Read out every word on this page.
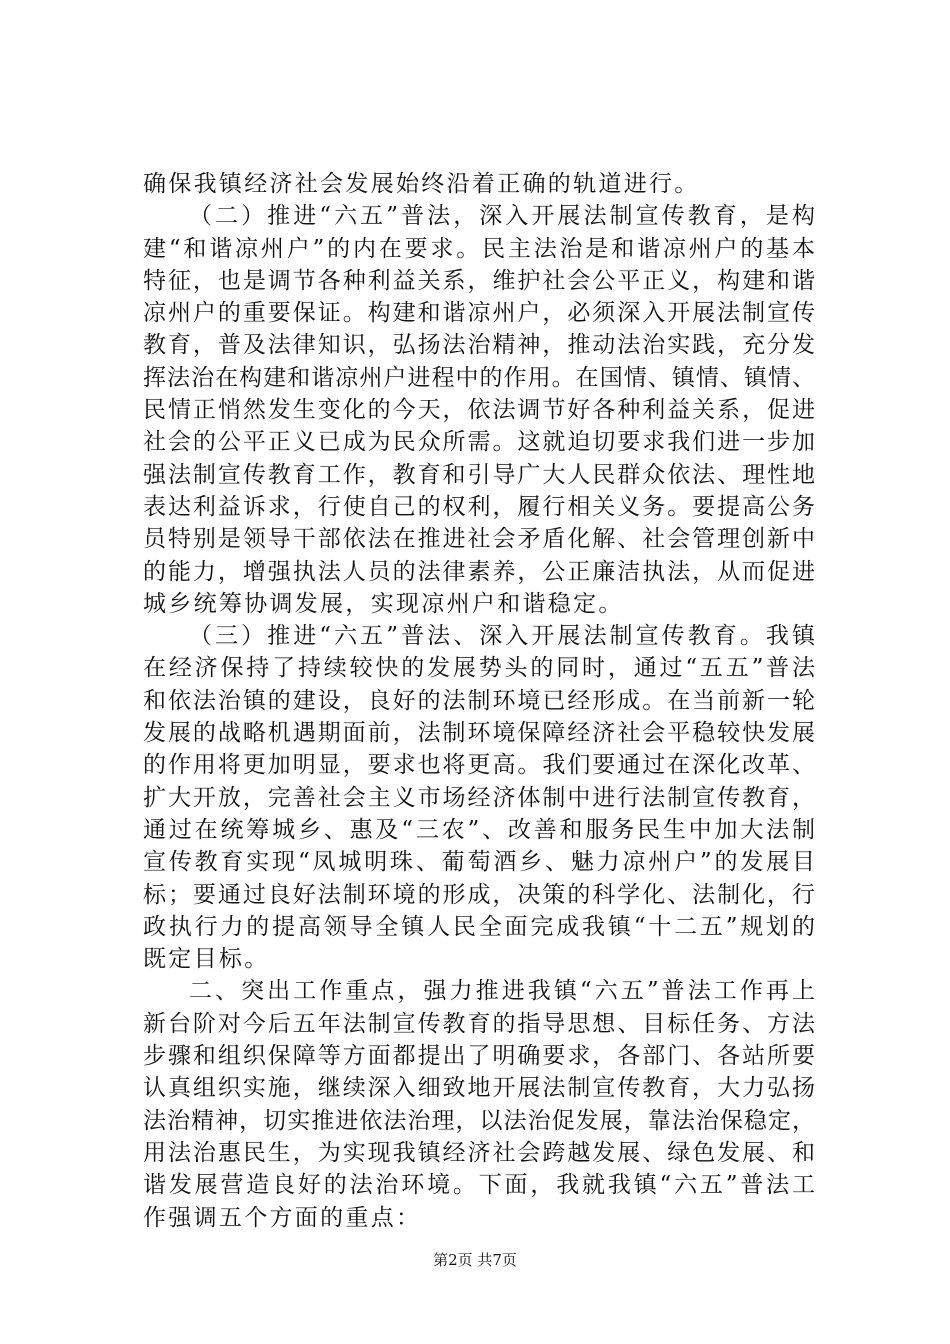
确保我镇经济社会发展始终沿着正确的轨道进行。
（二）推进“六五”普法，深入开展法制宣传教育，是构
建“和谐凉州户”的内在要求。民主法治是和谐凉州户的基本
特征，也是调节各种利益关系，维护社会公平正义，构建和谐
凉州户的重要保证。构建和谐凉州户，必须深入开展法制宣传
教育，普及法律知识，弘扬法治精神，推动法治实践，充分发
挥法治在构建和谐凉州户进程中的作用。在国情、镇情、镇情、
民情正悄然发生变化的今天，依法调节好各种利益关系，促进
社会的公平正义已成为民众所需。这就迫切要求我们进一步加
强法制宣传教育工作，教育和引导广大人民群众依法、理性地
表达利益诉求，行使自己的权利，履行相关义务。要提高公务
员特别是领导干部依法在推进社会矛盾化解、社会管理创新中
的能力，增强执法人员的法律素养，公正廉洁执法，从而促进
城乡统筹协调发展，实现凉州户和谐稳定。
（三）推进“六五”普法、深入开展法制宣传教育。我镇
在经济保持了持续较快的发展势头的同时，通过“五五”普法
和依法治镇的建设，良好的法制环境已经形成。在当前新一轮
发展的战略机遇期面前，法制环境保障经济社会平稳较快发展
的作用将更加明显，要求也将更高。我们要通过在深化改革、
扩大开放，完善社会主义市场经济体制中进行法制宣传教育，
通过在统筹城乡、惠及“三农”、改善和服务民生中加大法制
宣传教育实现“凤城明珠、葡萄酒乡、魅力凉州户”的发展目
标；要通过良好法制环境的形成，决策的科学化、法制化，行
政执行力的提高领导全镇人民全面完成我镇“十二五”规划的
既定目标。
二、突出工作重点，强力推进我镇“六五”普法工作再上
新台阶对今后五年法制宣传教育的指导思想、目标任务、方法
步骤和组织保障等方面都提出了明确要求，各部门、各站所要
认真组织实施，继续深入细致地开展法制宣传教育，大力弘扬
法治精神，切实推进依法治理，以法治促发展，靠法治保稳定，
用法治惠民生，为实现我镇经济社会跨越发展、绿色发展、和
谐发展营造良好的法治环境。下面，我就我镇“六五”普法工
作强调五个方面的重点：
第2页 共7页
